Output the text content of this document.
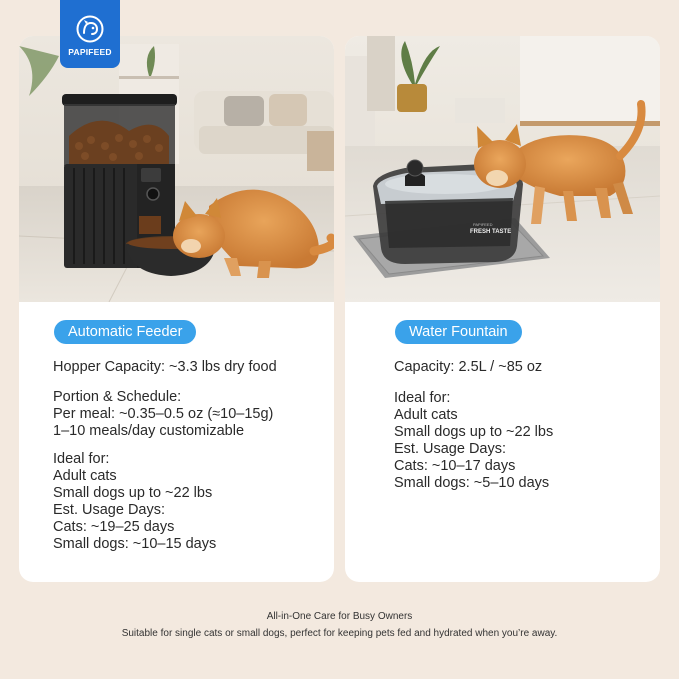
PAPIFEED
Automatic Feeder
Hopper Capacity: ~3.3 lbs dry food
Portion & Schedule:
Per meal: ~0.35–0.5 oz (≈10–15g)
1–10 meals/day customizable
Ideal for:
Adult cats
Small dogs up to ~22 lbs
Est. Usage Days:
Cats: ~19–25 days
Small dogs: ~10–15 days
PAPIFEED
FRESH TASTE
Water Fountain
Capacity: 2.5L / ~85 oz
Ideal for:
Adult cats
Small dogs up to ~22 lbs
Est. Usage Days:
Cats: ~10–17 days
Small dogs: ~5–10 days
All-in-One Care for Busy Owners
Suitable for single cats or small dogs, perfect for keeping pets fed and hydrated when you’re away.
